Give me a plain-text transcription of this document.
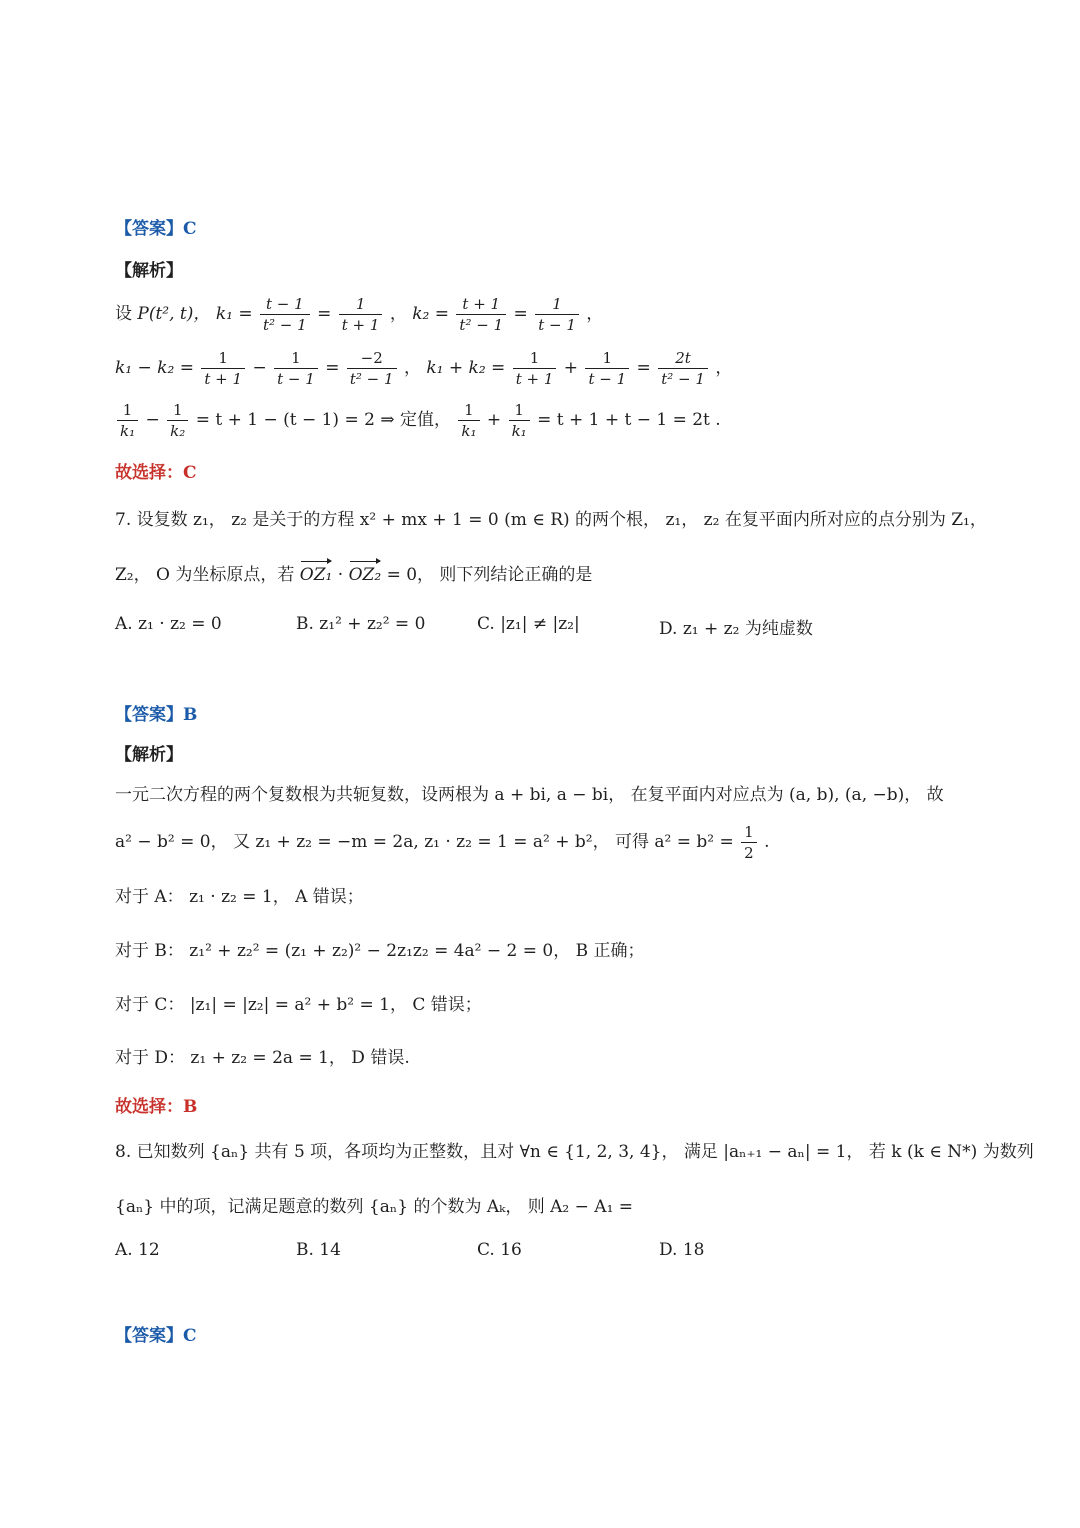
【答案】C
【解析】
设 P(t², t)， $k_1 = \frac{t - 1}{\text{t² − 1}} = \frac{1}{t + 1}$ ， $k_2 = \frac{t + 1}{\text{t² − 1}} = \frac{1}{t - 1}$ ，
$k_1 - k_2 = \frac{1}{t + 1} - \frac{1}{t - 1} = \frac{-2}{\text{t² − 1}}$ ， $k_1 + k_2 = \frac{1}{t + 1} + \frac{1}{t - 1} = \frac{2t}{\text{t² − 1}}$ ，
$\frac{1}{\text{k₁}} - \frac{1}{\text{k₂}} = t + 1 - (t - 1) = 2$ ⇒ 定值， $\frac{1}{\text{k₁}} + \frac{1}{\text{k₁}} = t + 1 + t - 1 = 2t$ .
故选择：C
7. 设复数 z₁， z₂ 是关于的方程 x² + mx + 1 = 0 (m ∈ R) 的两个根， z₁， z₂ 在复平面内所对应的点分别为 Z₁，
Z₂， O 为坐标原点，若 OZ₁ · OZ₂ = 0， 则下列结论正确的是
A. z₁ · z₂ = 0	B. z₁² + z₂² = 0	C. |z₁| ≠ |z₂|	D. z₁ + z₂ 为纯虚数
【答案】B
【解析】
一元二次方程的两个复数根为共轭复数，设两根为 a + bi, a − bi， 在复平面内对应点为 (a, b), (a, −b)， 故
a² − b² = 0， 又 z₁ + z₂ = −m = 2a, z₁ · z₂ = 1 = a² + b²， 可得 $a^2 = b^2 = \frac{1}{2}$ .
对于 A： z₁ · z₂ = 1， A 错误；
对于 B： z₁² + z₂² = (z₁ + z₂)² − 2z₁z₂ = 4a² − 2 = 0， B 正确；
对于 C： |z₁| = |z₂| = a² + b² = 1， C 错误；
对于 D： z₁ + z₂ = 2a = 1， D 错误.
故选择：B
8. 已知数列 {aₙ} 共有 5 项，各项均为正整数，且对 ∀n ∈ {1, 2, 3, 4}， 满足 |aₙ₊₁ − aₙ| = 1， 若 k (k ∈ N*) 为数列
{aₙ} 中的项，记满足题意的数列 {aₙ} 的个数为 Aₖ， 则 A₂ − A₁ =
A. 12	B. 14	C. 16	D. 18
【答案】C
